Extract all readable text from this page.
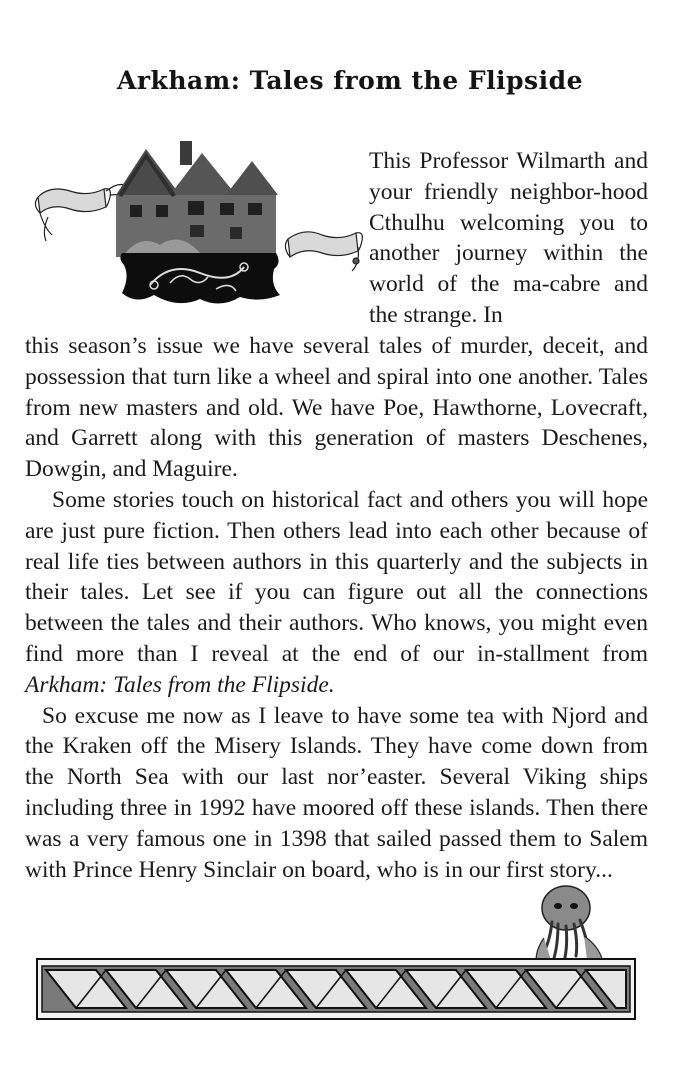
Arkham: Tales from the Flipside

This Professor Wilmarth and your friendly neighbor-hood Cthulhu welcoming you to another journey within the world of the ma-cabre and the strange. In

this season’s issue we have several tales of murder, deceit, and possession that turn like a wheel and spiral into one another. Tales from new masters and old. We have Poe, Hawthorne, Lovecraft, and Garrett along with this generation of masters Deschenes, Dowgin, and Maguire.

Some stories touch on historical fact and others you will hope are just pure fiction. Then others lead into each other because of real life ties between authors in this quarterly and the subjects in their tales. Let see if you can figure out all the connections between the tales and their authors. Who knows, you might even find more than I reveal at the end of our in-stallment from Arkham: Tales from the Flipside.

So excuse me now as I leave to have some tea with Njord and the Kraken off the Misery Islands. They have come down from the North Sea with our last nor’easter. Several Viking ships including three in 1992 have moored off these islands. Then there was a very famous one in 1398 that sailed passed them to Salem with Prince Henry Sinclair on board, who is in our first story...
